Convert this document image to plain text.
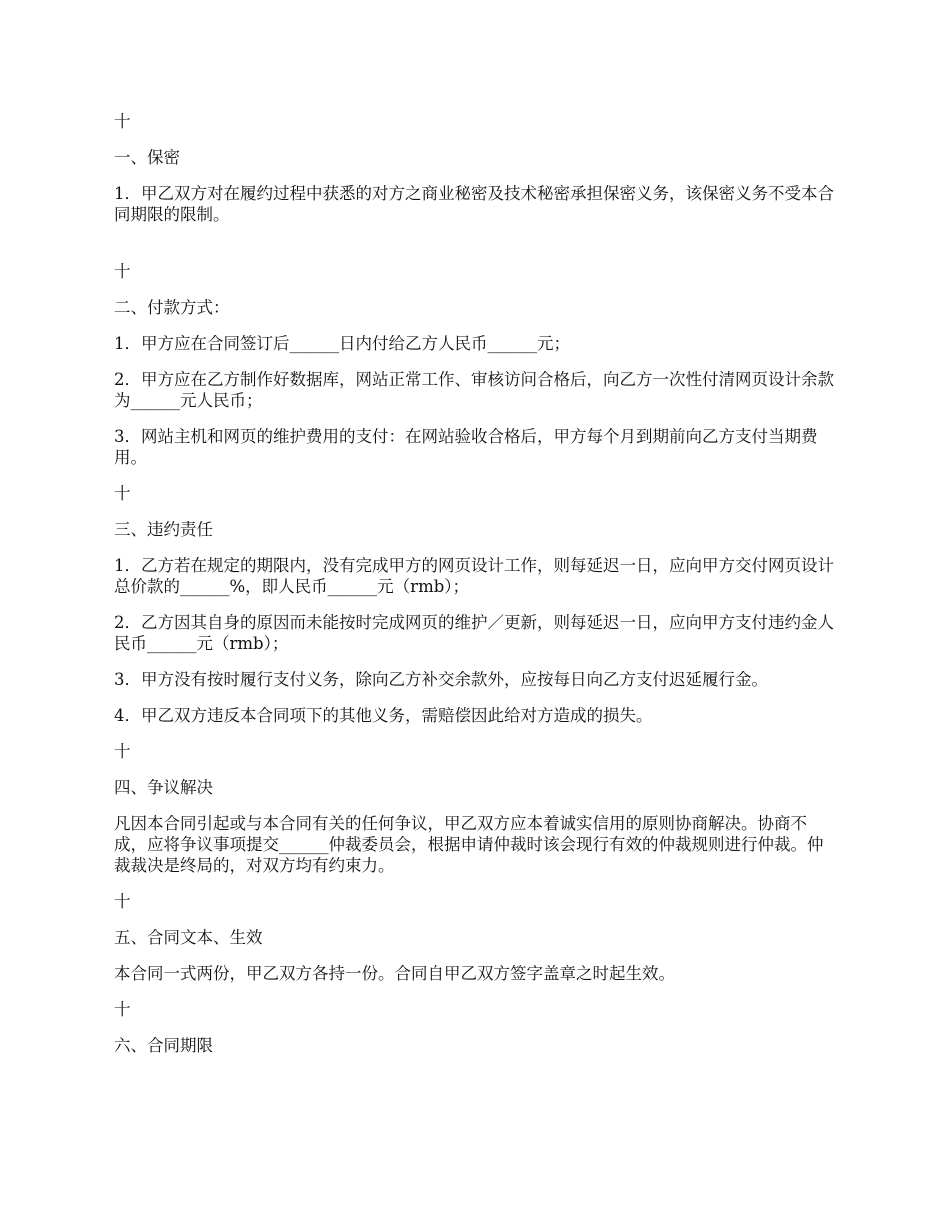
十

一、保密

1．甲乙双方对在履约过程中获悉的对方之商业秘密及技术秘密承担保密义务，该保密义务不受本合同期限的限制。

十

二、付款方式：

1．甲方应在合同签订后______日内付给乙方人民币______元；

2．甲方应在乙方制作好数据库，网站正常工作、审核访问合格后，向乙方一次性付清网页设计余款为______元人民币；

3．网站主机和网页的维护费用的支付：在网站验收合格后，甲方每个月到期前向乙方支付当期费用。

十

三、违约责任

1．乙方若在规定的期限内，没有完成甲方的网页设计工作，则每延迟一日，应向甲方交付网页设计总价款的______%，即人民币______元（rmb）；

2．乙方因其自身的原因而未能按时完成网页的维护／更新，则每延迟一日，应向甲方支付违约金人民币______元（rmb）；

3．甲方没有按时履行支付义务，除向乙方补交余款外，应按每日向乙方支付迟延履行金。

4．甲乙双方违反本合同项下的其他义务，需赔偿因此给对方造成的损失。

十

四、争议解决

凡因本合同引起或与本合同有关的任何争议，甲乙双方应本着诚实信用的原则协商解决。协商不成，应将争议事项提交______仲裁委员会，根据申请仲裁时该会现行有效的仲裁规则进行仲裁。仲裁裁决是终局的，对双方均有约束力。

十

五、合同文本、生效

本合同一式两份，甲乙双方各持一份。合同自甲乙双方签字盖章之时起生效。

十

六、合同期限
